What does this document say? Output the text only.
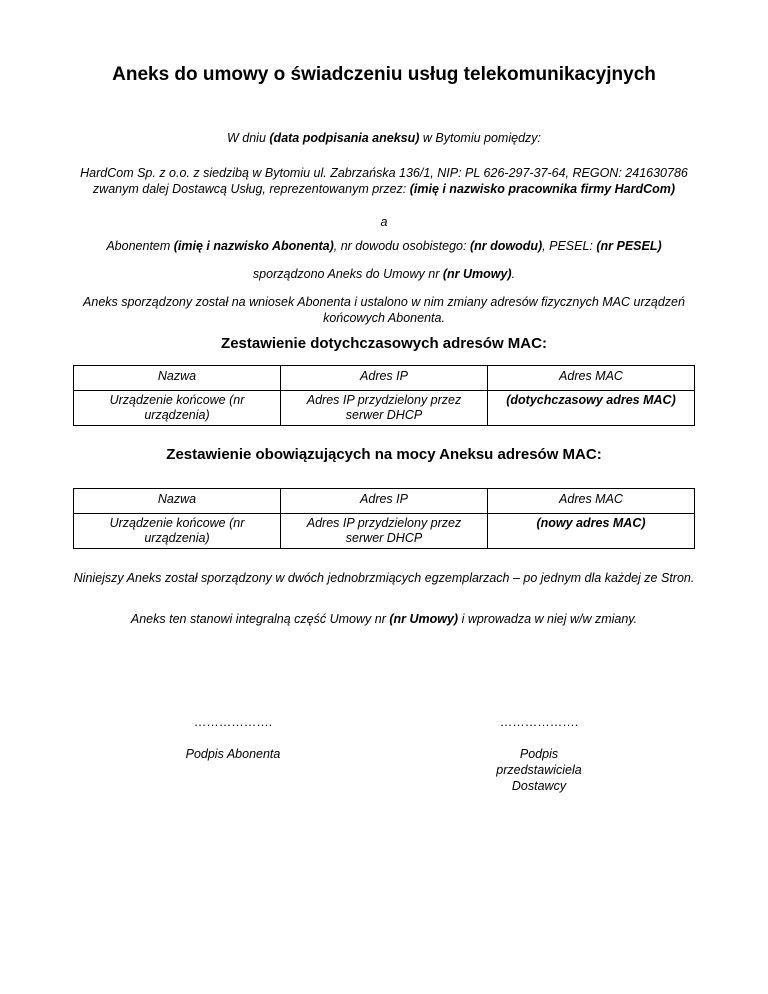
Aneks do umowy o świadczeniu usług telekomunikacyjnych
W dniu (data podpisania aneksu) w Bytomiu pomiędzy:
HardCom Sp. z o.o. z siedzibą w Bytomiu ul. Zabrzańska 136/1, NIP: PL 626-297-37-64, REGON: 241630786 zwanym dalej Dostawcą Usług, reprezentowanym przez: (imię i nazwisko pracownika firmy HardCom)
a
Abonentem (imię i nazwisko Abonenta), nr dowodu osobistego: (nr dowodu), PESEL: (nr PESEL)
sporządzono Aneks do Umowy nr (nr Umowy).
Aneks sporządzony został na wniosek Abonenta i ustalono w nim zmiany adresów fizycznych MAC urządzeń końcowych Abonenta.
Zestawienie dotychczasowych adresów MAC:
Nazwa	Adres IP	Adres MAC
Urządzenie końcowe (nr urządzenia)	Adres IP przydzielony przez serwer DHCP	(dotychczasowy adres MAC)
Zestawienie obowiązujących na mocy Aneksu adresów MAC:
Nazwa	Adres IP	Adres MAC
Urządzenie końcowe (nr urządzenia)	Adres IP przydzielony przez serwer DHCP	(nowy adres MAC)
Niniejszy Aneks został sporządzony w dwóch jednobrzmiących egzemplarzach – po jednym dla każdej ze Stron.
Aneks ten stanowi integralną część Umowy nr (nr Umowy) i wprowadza w niej w/w zmiany.
……………….
Podpis Abonenta
……………….
Podpis przedstawiciela Dostawcy
